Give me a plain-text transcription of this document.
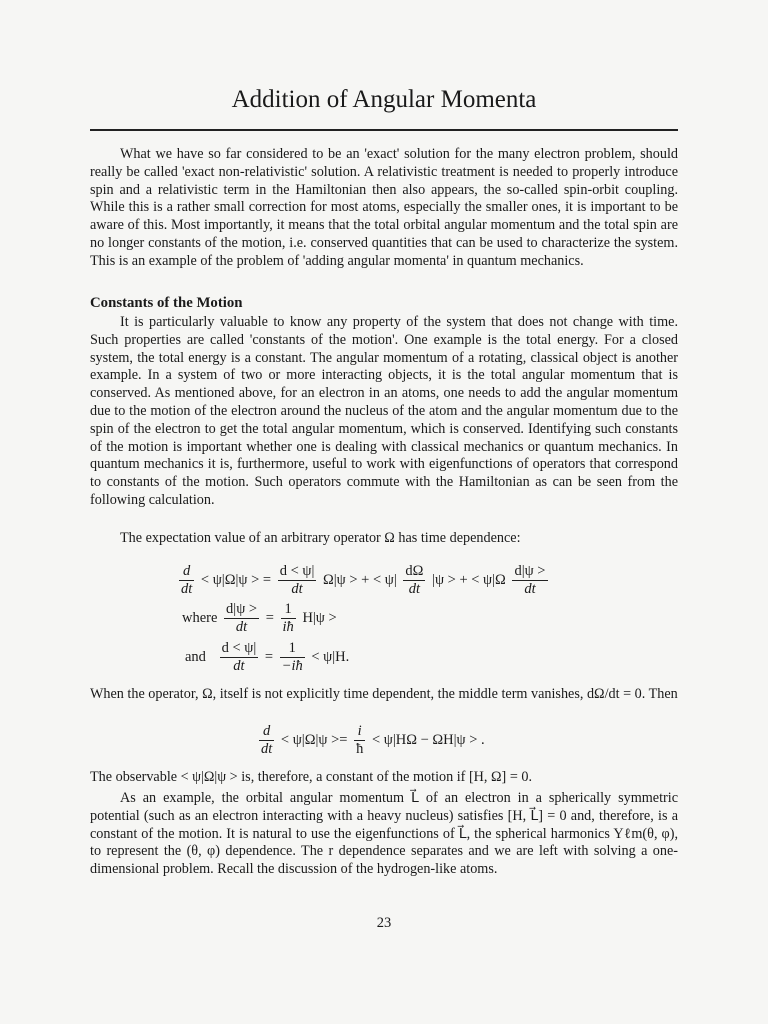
Addition of Angular Momenta

What we have so far considered to be an 'exact' solution for the many electron problem, should really be called 'exact non-relativistic' solution. A relativistic treatment is needed to properly introduce spin and a relativistic term in the Hamiltonian then also appears, the so-called spin-orbit coupling. While this is a rather small correction for most atoms, especially the smaller ones, it is important to be aware of this. Most importantly, it means that the total orbital angular momentum and the total spin are no longer constants of the motion, i.e. conserved quantities that can be used to characterize the system. This is an example of the problem of 'adding angular momenta' in quantum mechanics.

Constants of the Motion

It is particularly valuable to know any property of the system that does not change with time. Such properties are called 'constants of the motion'. One example is the total energy. For a closed system, the total energy is a constant. The angular momentum of a rotating, classical object is another example. In a system of two or more interacting objects, it is the total angular momentum that is conserved. As mentioned above, for an electron in an atoms, one needs to add the angular momentum due to the motion of the electron around the nucleus of the atom and the angular momentum due to the spin of the electron to get the total angular momentum, which is conserved. Identifying such constants of the motion is important whether one is dealing with classical mechanics or quantum mechanics. In quantum mechanics it is, furthermore, useful to work with eigenfunctions of operators that correspond to constants of the motion. Such operators commute with the Hamiltonian as can be seen from the following calculation.

The expectation value of an arbitrary operator Ω has time dependence:

$\frac{d}{dt} < \psi|\Omega|\psi$ > = $\frac{d < \psi|}{dt} \Omega|\psi$ > + < $\psi| \frac{d\Omega}{dt} |\psi$ > + < $\psi|\Omega \frac{d|\psi >}{dt}$
where $\frac{d|\psi >}{dt} = \frac{1}{iħ} H|\psi$ >
and $\frac{d < \psi|}{dt} = \frac{1}{-iħ} < \psi|H$.

When the operator, Ω, itself is not explicitly time dependent, the middle term vanishes, dΩ/dt = 0. Then

$\frac{d}{dt} < \psi|\Omega|\psi >= \frac{i}{ħ} < \psi|H\Omega - \Omega H|\psi$ > .

The observable < ψ|Ω|ψ > is, therefore, a constant of the motion if [H, Ω] = 0.

As an example, the orbital angular momentum L⃗ of an electron in a spherically symmetric potential (such as an electron interacting with a heavy nucleus) satisfies [H, L⃗] = 0 and, therefore, is a constant of the motion. It is natural to use the eigenfunctions of L⃗, the spherical harmonics Yℓm(θ, φ), to represent the (θ, φ) dependence. The r dependence separates and we are left with solving a one-dimensional problem. Recall the discussion of the hydrogen-like atoms.

23
